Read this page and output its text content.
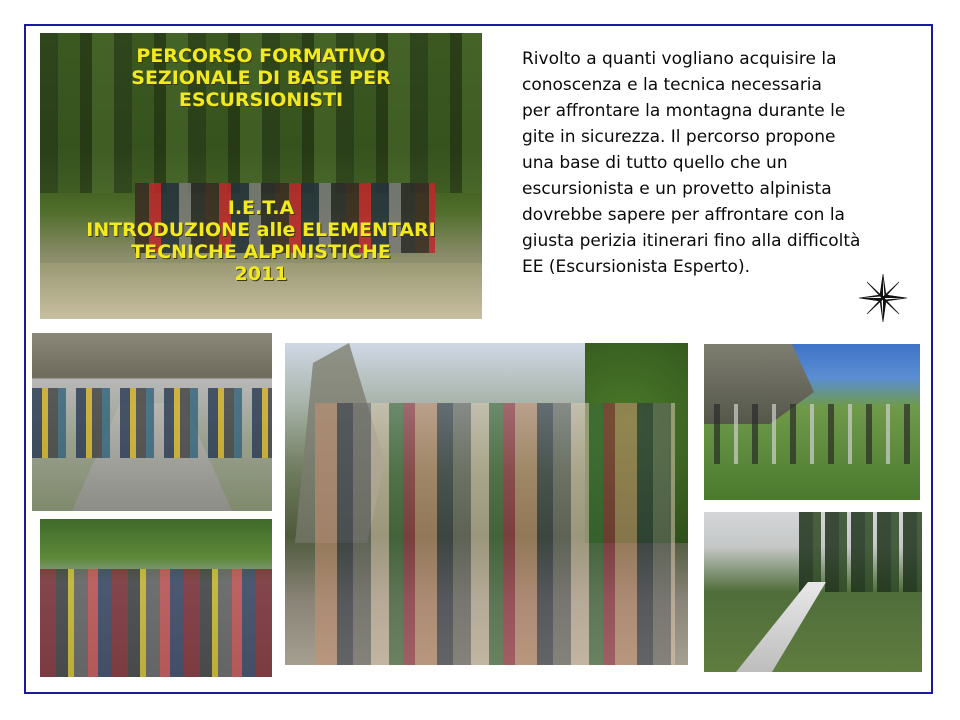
PERCORSO FORMATIVO
SEZIONALE DI BASE PER
ESCURSIONISTI
I.E.T.A
INTRODUZIONE alle ELEMENTARI
TECNICHE ALPINISTICHE
2011
Rivolto a quanti vogliano acquisire la
conoscenza e la tecnica necessaria
per affrontare la montagna durante le
gite in sicurezza. Il percorso propone
una base di tutto quello che un
escursionista e un provetto alpinista
dovrebbe sapere per affrontare con la
giusta perizia itinerari fino alla difficoltà
EE (Escursionista Esperto).
